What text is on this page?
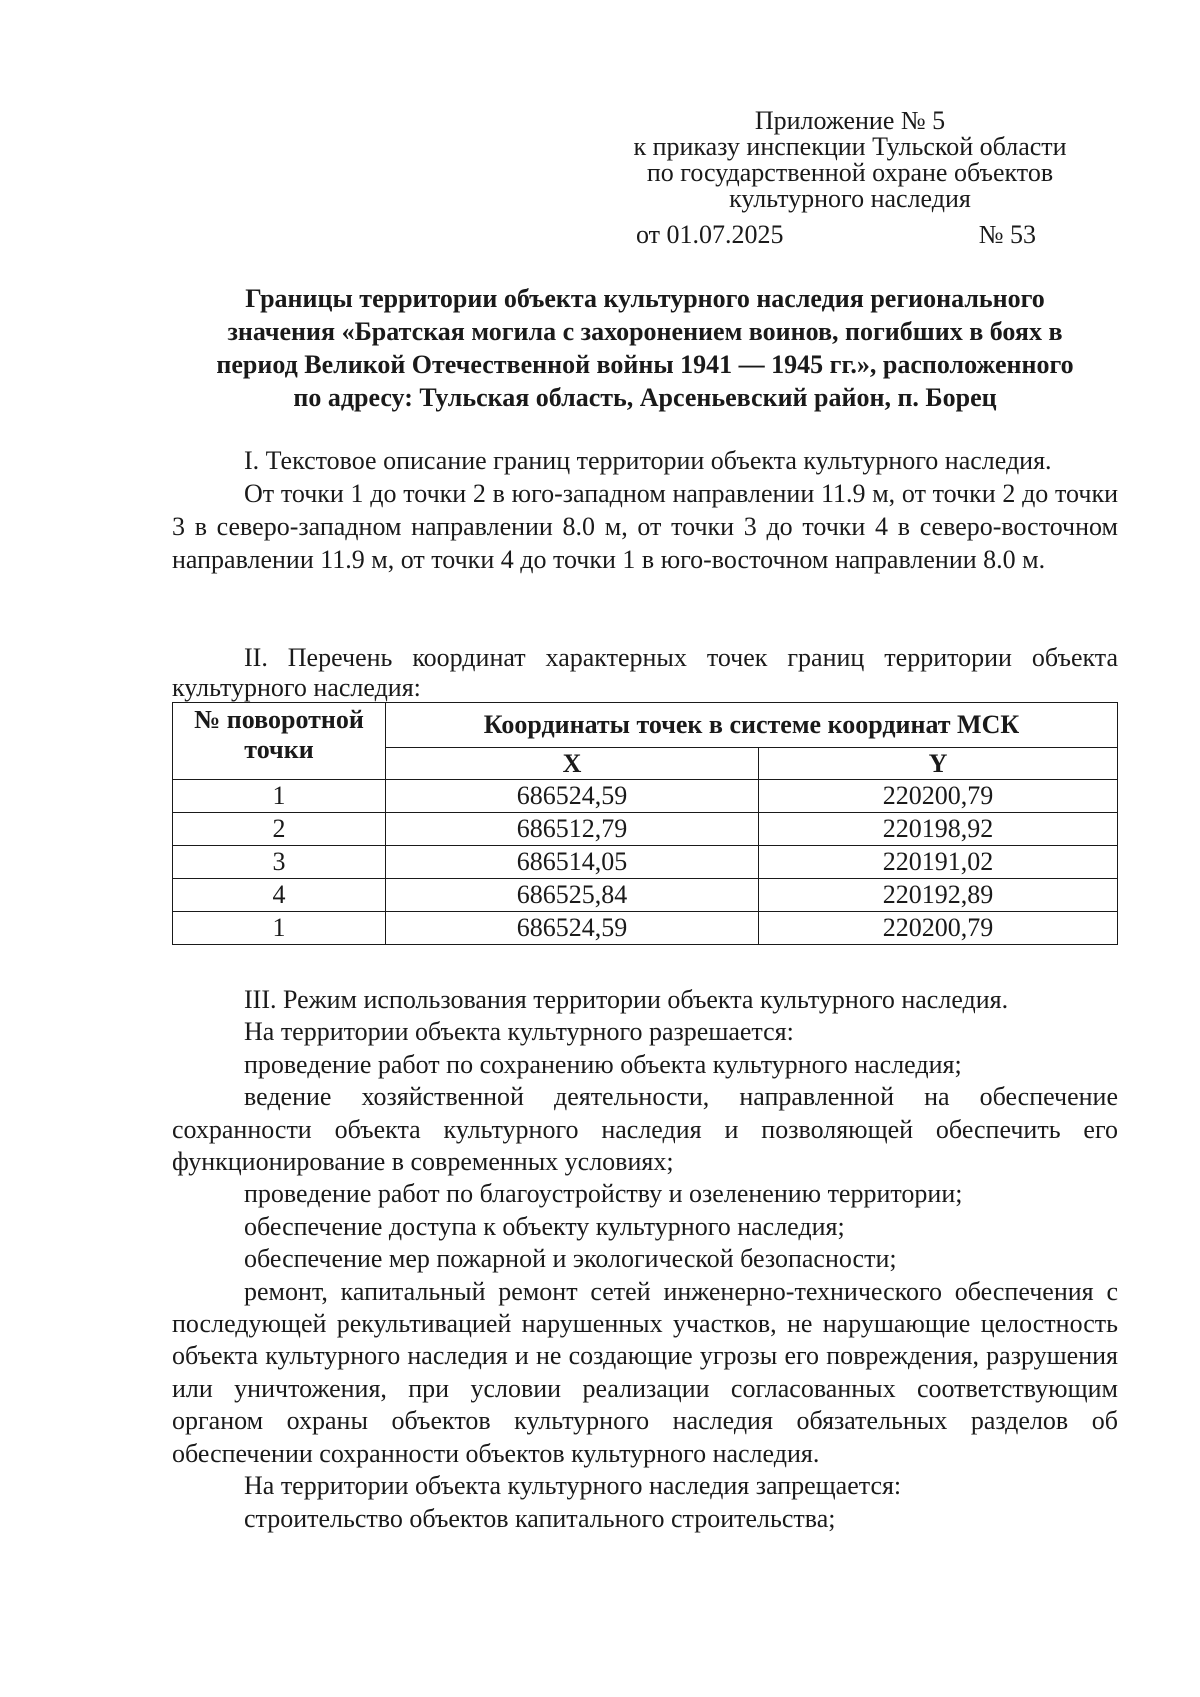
Приложение № 5
к приказу инспекции Тульской области
по государственной охране объектов
культурного наследия
от 01.07.2025	№ 53
Границы территории объекта культурного наследия регионального
значения «Братская могила с захоронением воинов, погибших в боях в
период Великой Отечественной войны 1941 — 1945 гг.», расположенного
по адресу: Тульская область, Арсеньевский район, п. Борец

I. Текстовое описание границ территории объекта культурного наследия.

От точки 1 до точки 2 в юго-западном направлении 11.9 м, от точки 2 до точки 3 в северо-западном направлении 8.0 м, от точки 3 до точки 4 в северо-восточном направлении 11.9 м, от точки 4 до точки 1 в юго-восточном направлении 8.0 м.

II. Перечень координат характерных точек границ территории объекта культурного наследия:

№ поворотной точки	Координаты точек в системе координат МСК	
	X	Y
1	686524,59	220200,79
2	686512,79	220198,92
3	686514,05	220191,02
4	686525,84	220192,89
1	686524,59	220200,79

III. Режим использования территории объекта культурного наследия.

На территории объекта культурного разрешается:

проведение работ по сохранению объекта культурного наследия;

ведение хозяйственной деятельности, направленной на обеспечение сохранности объекта культурного наследия и позволяющей обеспечить его функционирование в современных условиях;

проведение работ по благоустройству и озеленению территории;

обеспечение доступа к объекту культурного наследия;

обеспечение мер пожарной и экологической безопасности;

ремонт, капитальный ремонт сетей инженерно-технического обеспечения с последующей рекультивацией нарушенных участков, не нарушающие целостность объекта культурного наследия и не создающие угрозы его повреждения, разрушения или уничтожения, при условии реализации согласованных соответствующим органом охраны объектов культурного наследия обязательных разделов об обеспечении сохранности объектов культурного наследия.

На территории объекта культурного наследия запрещается:

строительство объектов капитального строительства;
